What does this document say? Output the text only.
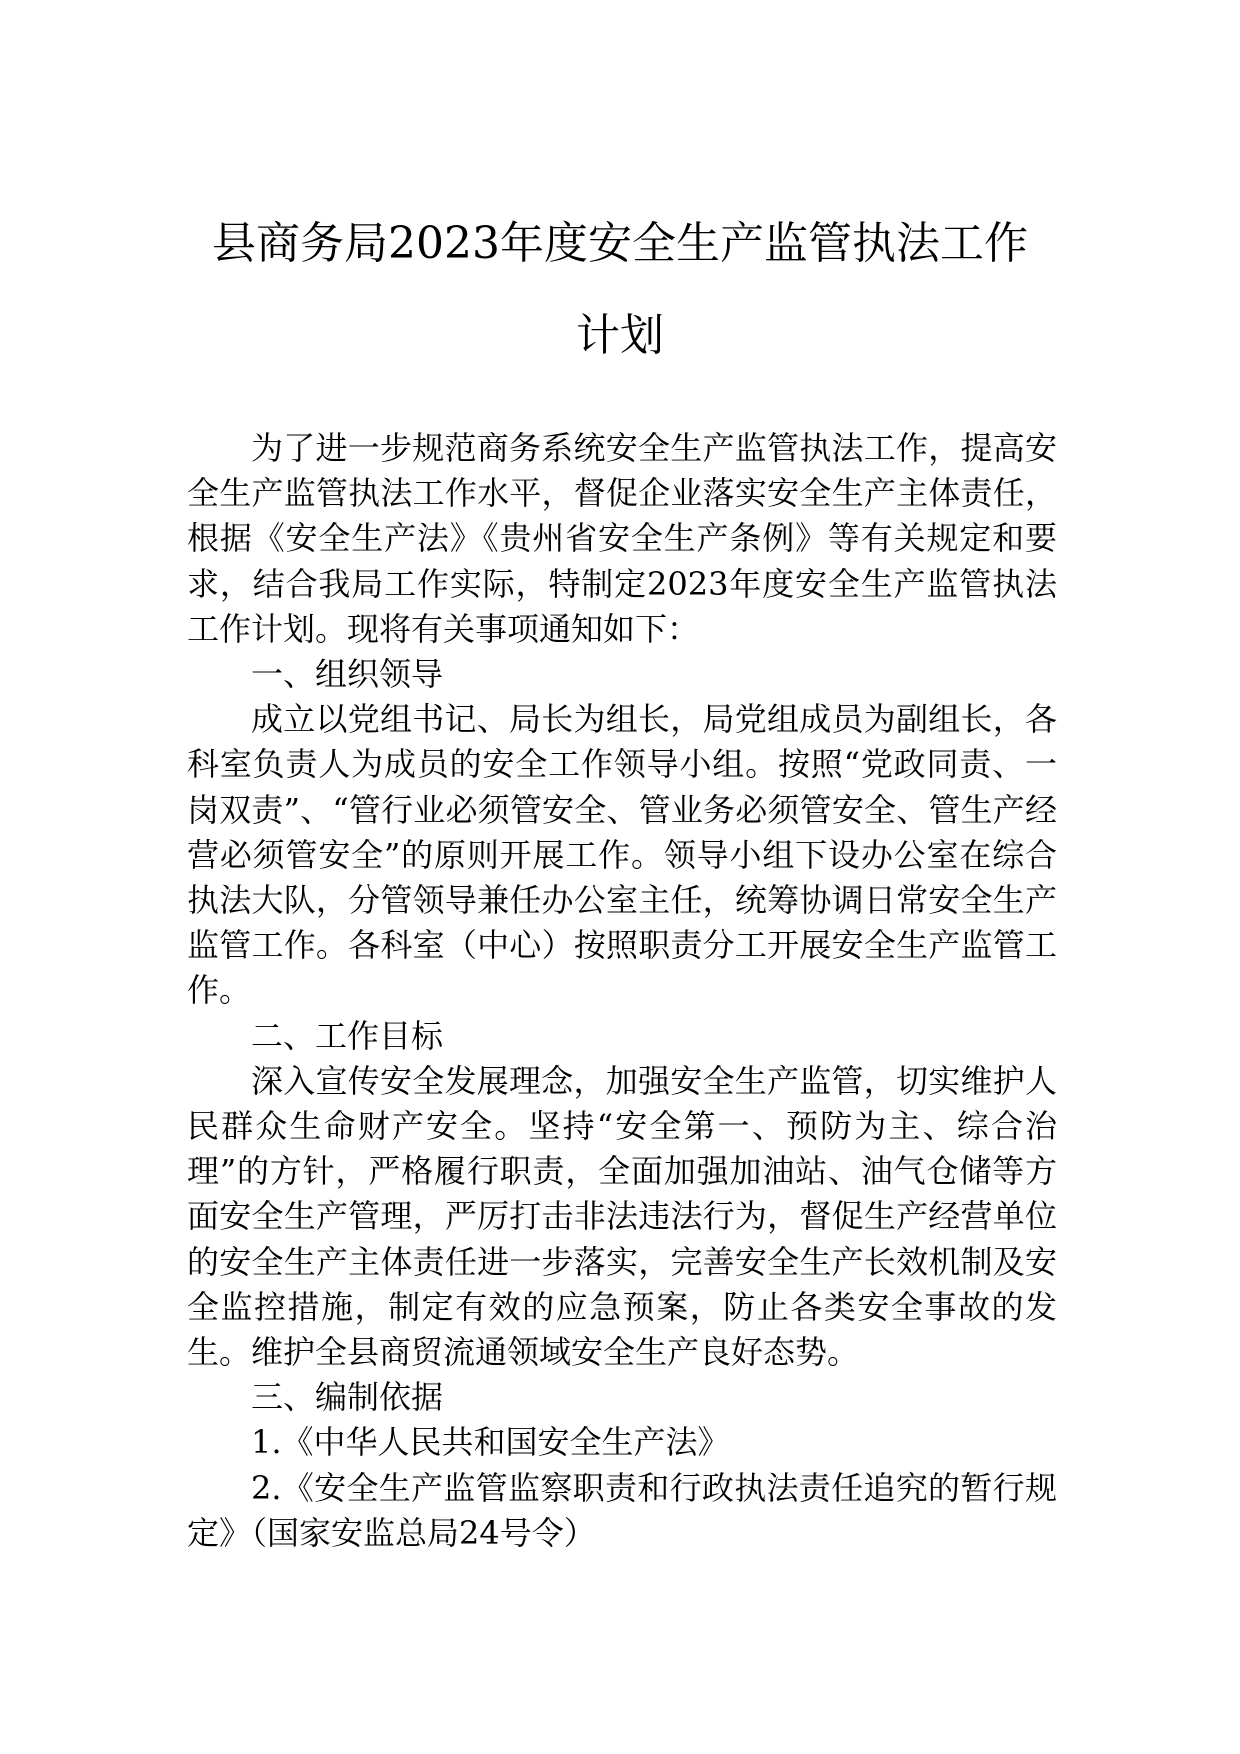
县商务局2023年度安全生产监管执法工作
计划

为了进一步规范商务系统安全生产监管执法工作，提高安全生产监管执法工作水平，督促企业落实安全生产主体责任，根据《安全生产法》《贵州省安全生产条例》等有关规定和要求，结合我局工作实际，特制定2023年度安全生产监管执法工作计划。现将有关事项通知如下：

一、组织领导

成立以党组书记、局长为组长，局党组成员为副组长，各科室负责人为成员的安全工作领导小组。按照“党政同责、一岗双责”、“管行业必须管安全、管业务必须管安全、管生产经营必须管安全”的原则开展工作。领导小组下设办公室在综合执法大队，分管领导兼任办公室主任，统筹协调日常安全生产监管工作。各科室（中心）按照职责分工开展安全生产监管工作。

二、工作目标

深入宣传安全发展理念，加强安全生产监管，切实维护人民群众生命财产安全。坚持“安全第一、预防为主、综合治理”的方针，严格履行职责，全面加强加油站、油气仓储等方面安全生产管理，严厉打击非法违法行为，督促生产经营单位的安全生产主体责任进一步落实，完善安全生产长效机制及安全监控措施，制定有效的应急预案，防止各类安全事故的发生。维护全县商贸流通领域安全生产良好态势。

三、编制依据

1.《中华人民共和国安全生产法》

2.《安全生产监管监察职责和行政执法责任追究的暂行规定》（国家安监总局24号令）
